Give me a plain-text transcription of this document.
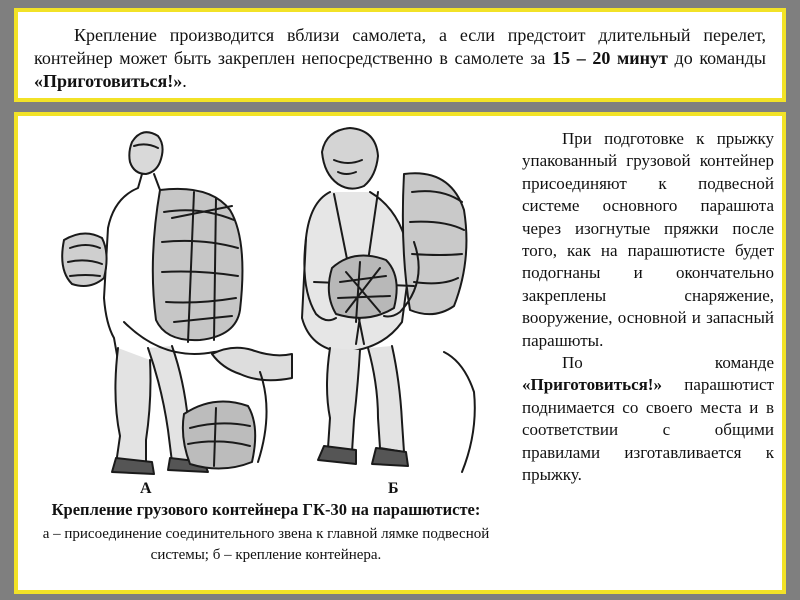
Крепление производится вблизи самолета, а если предстоит длительный перелет, контейнер может быть закреплен непосредственно в самолете за 15 – 20 минут до команды «Приготовиться!».

А	Б

Крепление грузового контейнера ГК-30 на парашютисте:

а – присоединение соединительного звена к главной лямке подвесной системы; б – крепление контейнера.

При подготовке к прыжку упакованный грузовой контейнер присоединяют к подвесной системе основного парашюта через изогнутые пряжки после того, как на парашютисте будет подогнаны и окончательно закреплены снаряжение, вооружение, основной и запасный парашюты.

По команде «Приготовиться!» парашютист поднимается со своего места и в соответствии с общими правилами изготавливается к прыжку.
